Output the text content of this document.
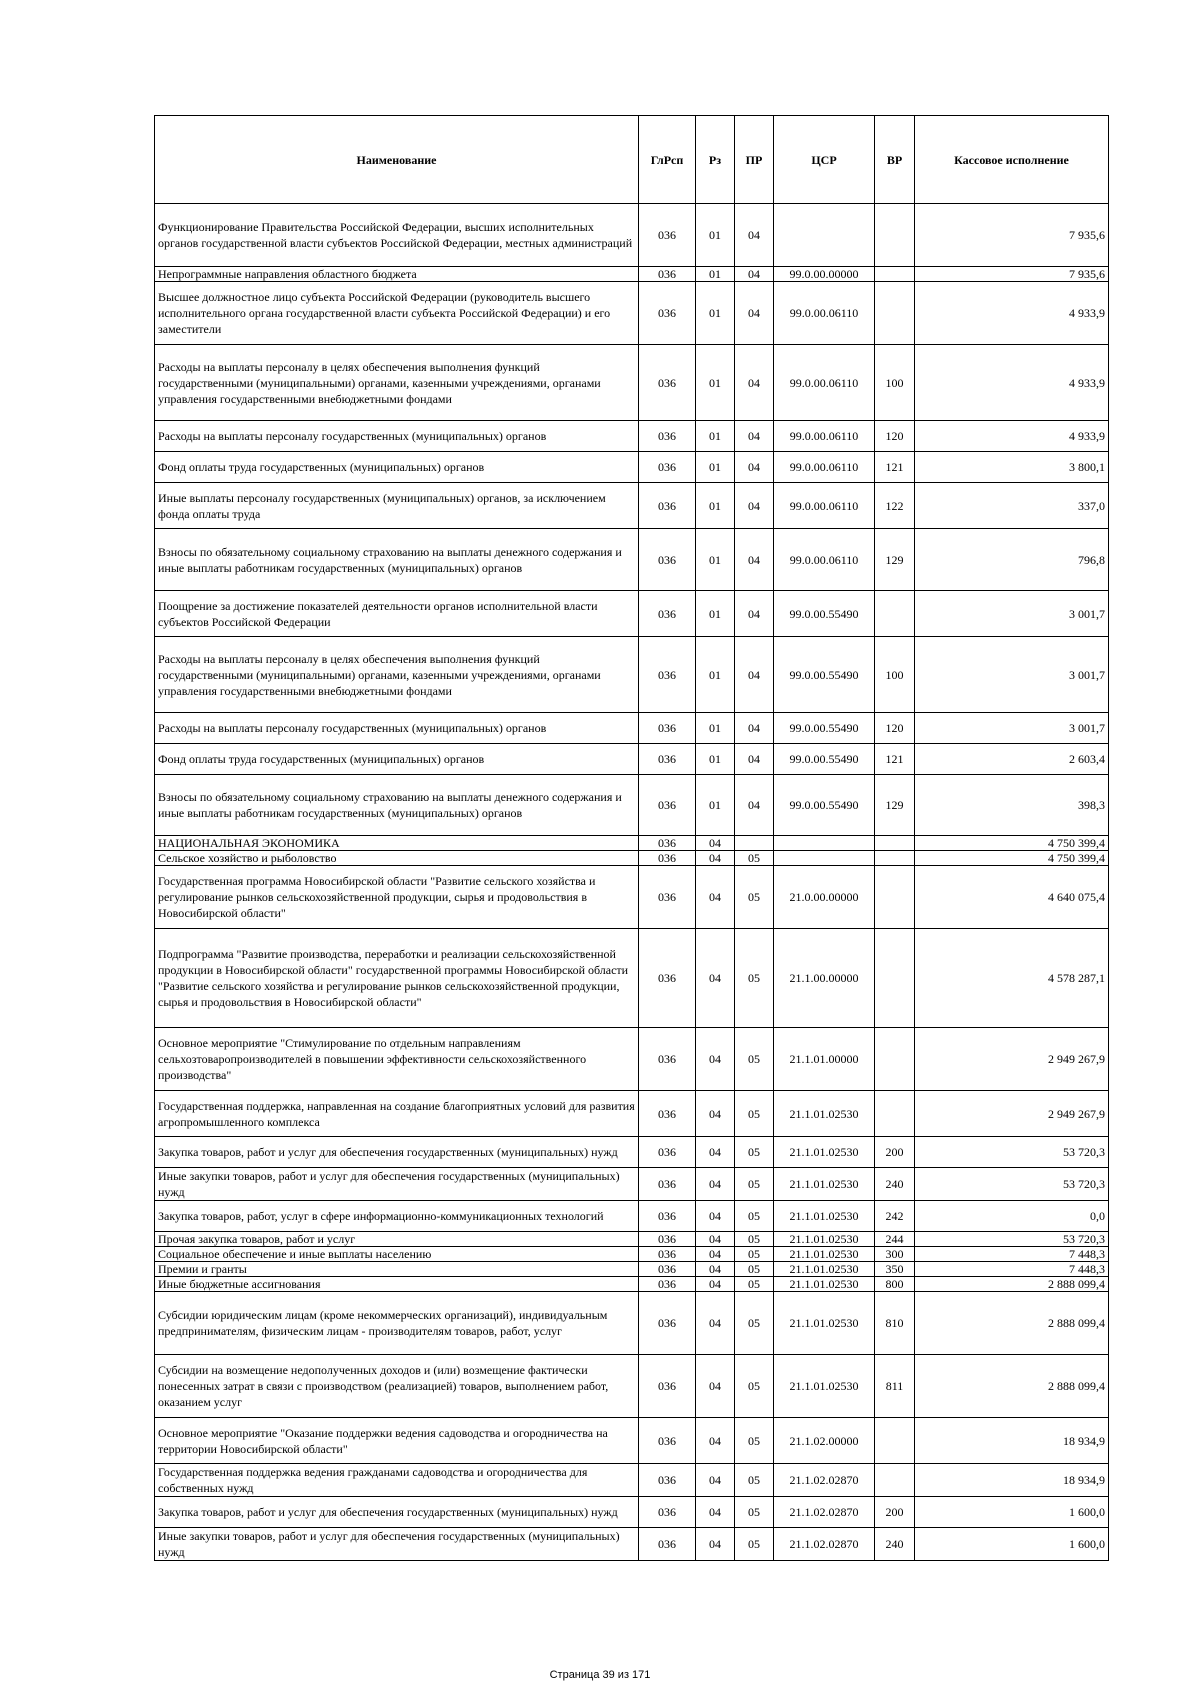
Наименование	ГлРсп	Рз	ПР	ЦСР	ВР	Кассовое исполнение
Функционирование Правительства Российской Федерации, высших исполнительных органов государственной власти субъектов Российской Федерации, местных администраций	036	01	04			7 935,6
Непрограммные направления областного бюджета	036	01	04	99.0.00.00000		7 935,6
Высшее должностное лицо субъекта Российской Федерации (руководитель высшего исполнительного органа государственной власти субъекта Российской Федерации) и его заместители	036	01	04	99.0.00.06110		4 933,9
Расходы на выплаты персоналу в целях обеспечения выполнения функций государственными (муниципальными) органами, казенными учреждениями, органами управления государственными внебюджетными фондами	036	01	04	99.0.00.06110	100	4 933,9
Расходы на выплаты персоналу государственных (муниципальных) органов	036	01	04	99.0.00.06110	120	4 933,9
Фонд оплаты труда государственных (муниципальных) органов	036	01	04	99.0.00.06110	121	3 800,1
Иные выплаты персоналу государственных (муниципальных) органов, за исключением фонда оплаты труда	036	01	04	99.0.00.06110	122	337,0
Взносы по обязательному социальному страхованию на выплаты денежного содержания и иные выплаты работникам государственных (муниципальных) органов	036	01	04	99.0.00.06110	129	796,8
Поощрение за достижение показателей деятельности органов исполнительной власти субъектов Российской Федерации	036	01	04	99.0.00.55490		3 001,7
Расходы на выплаты персоналу в целях обеспечения выполнения функций государственными (муниципальными) органами, казенными учреждениями, органами управления государственными внебюджетными фондами	036	01	04	99.0.00.55490	100	3 001,7
Расходы на выплаты персоналу государственных (муниципальных) органов	036	01	04	99.0.00.55490	120	3 001,7
Фонд оплаты труда государственных (муниципальных) органов	036	01	04	99.0.00.55490	121	2 603,4
Взносы по обязательному социальному страхованию на выплаты денежного содержания и иные выплаты работникам государственных (муниципальных) органов	036	01	04	99.0.00.55490	129	398,3
НАЦИОНАЛЬНАЯ ЭКОНОМИКА	036	04				4 750 399,4
Сельское хозяйство и рыболовство	036	04	05			4 750 399,4
Государственная программа Новосибирской области "Развитие сельского хозяйства и регулирование рынков сельскохозяйственной продукции, сырья и продовольствия в Новосибирской области"	036	04	05	21.0.00.00000		4 640 075,4
Подпрограмма "Развитие производства, переработки и реализации сельскохозяйственной продукции в Новосибирской области" государственной программы Новосибирской области "Развитие сельского хозяйства и регулирование рынков сельскохозяйственной продукции, сырья и продовольствия в Новосибирской области"	036	04	05	21.1.00.00000		4 578 287,1
Основное мероприятие "Стимулирование по отдельным направлениям сельхозтоваропроизводителей в повышении эффективности сельскохозяйственного производства"	036	04	05	21.1.01.00000		2 949 267,9
Государственная поддержка, направленная на создание благоприятных условий для развития агропромышленного комплекса	036	04	05	21.1.01.02530		2 949 267,9
Закупка товаров, работ и услуг для обеспечения государственных (муниципальных) нужд	036	04	05	21.1.01.02530	200	53 720,3
Иные закупки товаров, работ и услуг для обеспечения государственных (муниципальных) нужд	036	04	05	21.1.01.02530	240	53 720,3
Закупка товаров, работ, услуг в сфере информационно-коммуникационных технологий	036	04	05	21.1.01.02530	242	0,0
Прочая закупка товаров, работ и услуг	036	04	05	21.1.01.02530	244	53 720,3
Социальное обеспечение и иные выплаты населению	036	04	05	21.1.01.02530	300	7 448,3
Премии и гранты	036	04	05	21.1.01.02530	350	7 448,3
Иные бюджетные ассигнования	036	04	05	21.1.01.02530	800	2 888 099,4
Субсидии юридическим лицам (кроме некоммерческих организаций), индивидуальным предпринимателям, физическим лицам - производителям товаров, работ, услуг	036	04	05	21.1.01.02530	810	2 888 099,4
Субсидии на возмещение недополученных доходов и (или) возмещение фактически понесенных затрат в связи с производством (реализацией) товаров, выполнением работ, оказанием услуг	036	04	05	21.1.01.02530	811	2 888 099,4
Основное мероприятие "Оказание поддержки ведения садоводства и огородничества на территории Новосибирской области"	036	04	05	21.1.02.00000		18 934,9
Государственная поддержка ведения гражданами садоводства и огородничества для собственных нужд	036	04	05	21.1.02.02870		18 934,9
Закупка товаров, работ и услуг для обеспечения государственных (муниципальных) нужд	036	04	05	21.1.02.02870	200	1 600,0
Иные закупки товаров, работ и услуг для обеспечения государственных (муниципальных) нужд	036	04	05	21.1.02.02870	240	1 600,0
Страница 39 из 171
